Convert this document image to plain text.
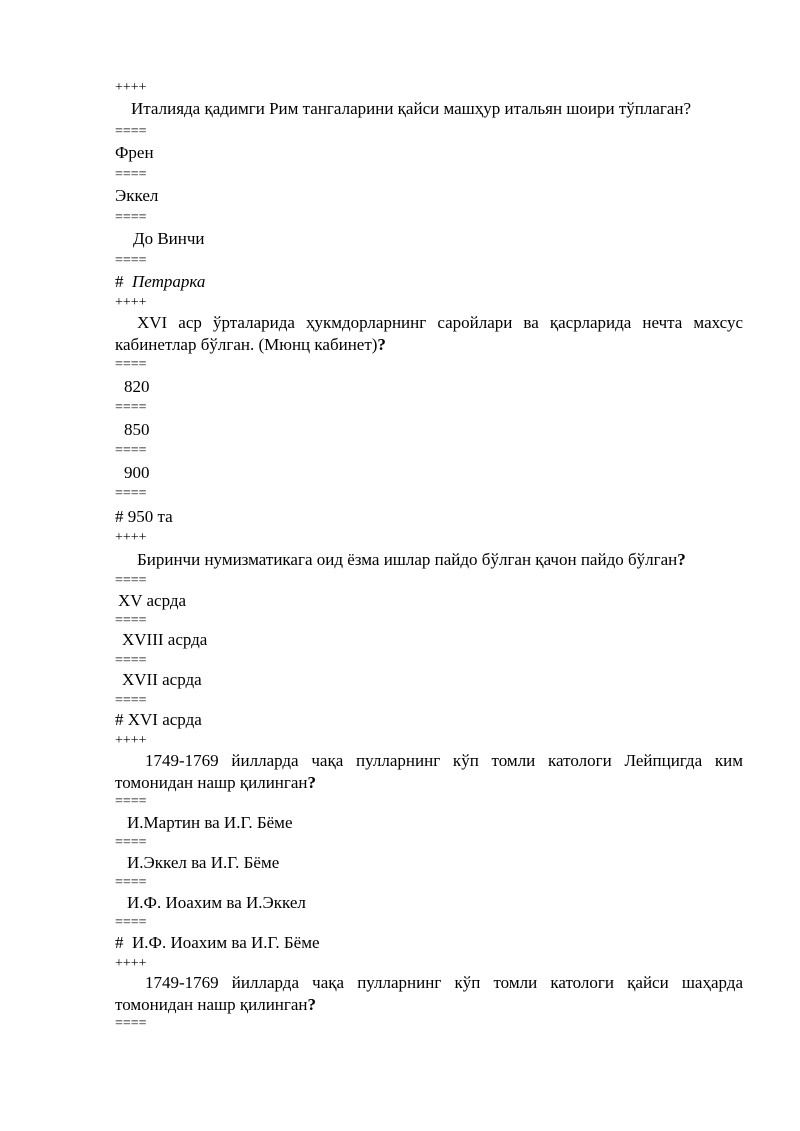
++++
Италияда қадимги Рим тангаларини қайси машҳур итальян шоири тўплаган?
====
Френ
====
Эккел
====
До Винчи
====
# Петрарка
++++
XVI аср ўрталарида ҳукмдорларнинг саройлари ва қасрларида нечта махсус кабинетлар бўлган. (Мюнц кабинет)?
====
820
====
850
====
900
====
# 950 та
++++
Биринчи нумизматикага оид ёзма ишлар пайдо бўлган қачон пайдо бўлган?
====
XV асрда
====
XVIII асрда
====
XVII асрда
====
# XVI асрда
++++
1749-1769 йилларда чақа пулларнинг кўп томли катологи Лейпцигда ким томонидан нашр қилинган?
====
И.Мартин ва И.Г. Бёме
====
И.Эккел ва И.Г. Бёме
====
И.Ф. Иоахим ва И.Эккел
====
# И.Ф. Иоахим ва И.Г. Бёме
++++
1749-1769 йилларда чақа пулларнинг кўп томли катологи қайси шаҳарда томонидан нашр қилинган?
====
